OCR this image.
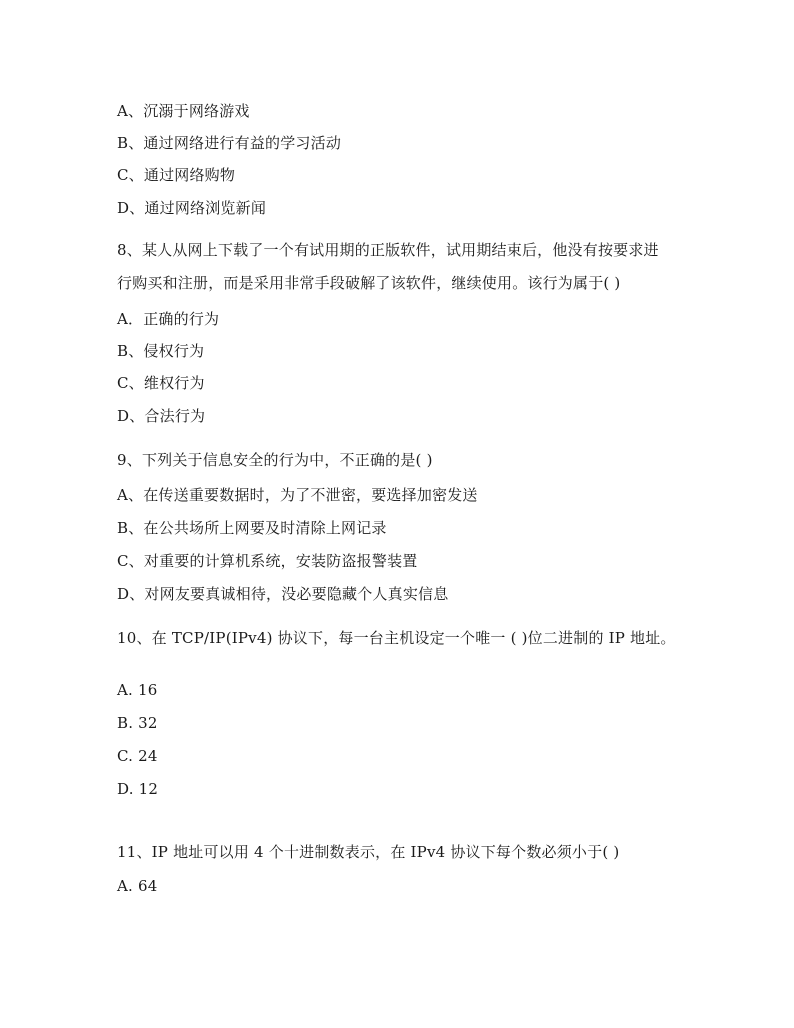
A、沉溺于网络游戏
B、通过网络进行有益的学习活动
C、通过网络购物
D、通过网络浏览新闻
8、某人从网上下载了一个有试用期的正版软件，试用期结束后，他没有按要求进
行购买和注册，而是采用非常手段破解了该软件，继续使用。该行为属于( )
A．正确的行为
B、侵权行为
C、维权行为
D、合法行为
9、下列关于信息安全的行为中，不正确的是( )
A、在传送重要数据时，为了不泄密，要选择加密发送
B、在公共场所上网要及时清除上网记录
C、对重要的计算机系统，安装防盗报警装置
D、对网友要真诚相待，没必要隐藏个人真实信息
10、在 TCP/IP(IPv4) 协议下，每一台主机设定一个唯一 ( )位二进制的 IP 地址。
A. 16
B. 32
C. 24
D. 12
11、IP 地址可以用 4 个十进制数表示，在 IPv4 协议下每个数必须小于( )
A. 64
